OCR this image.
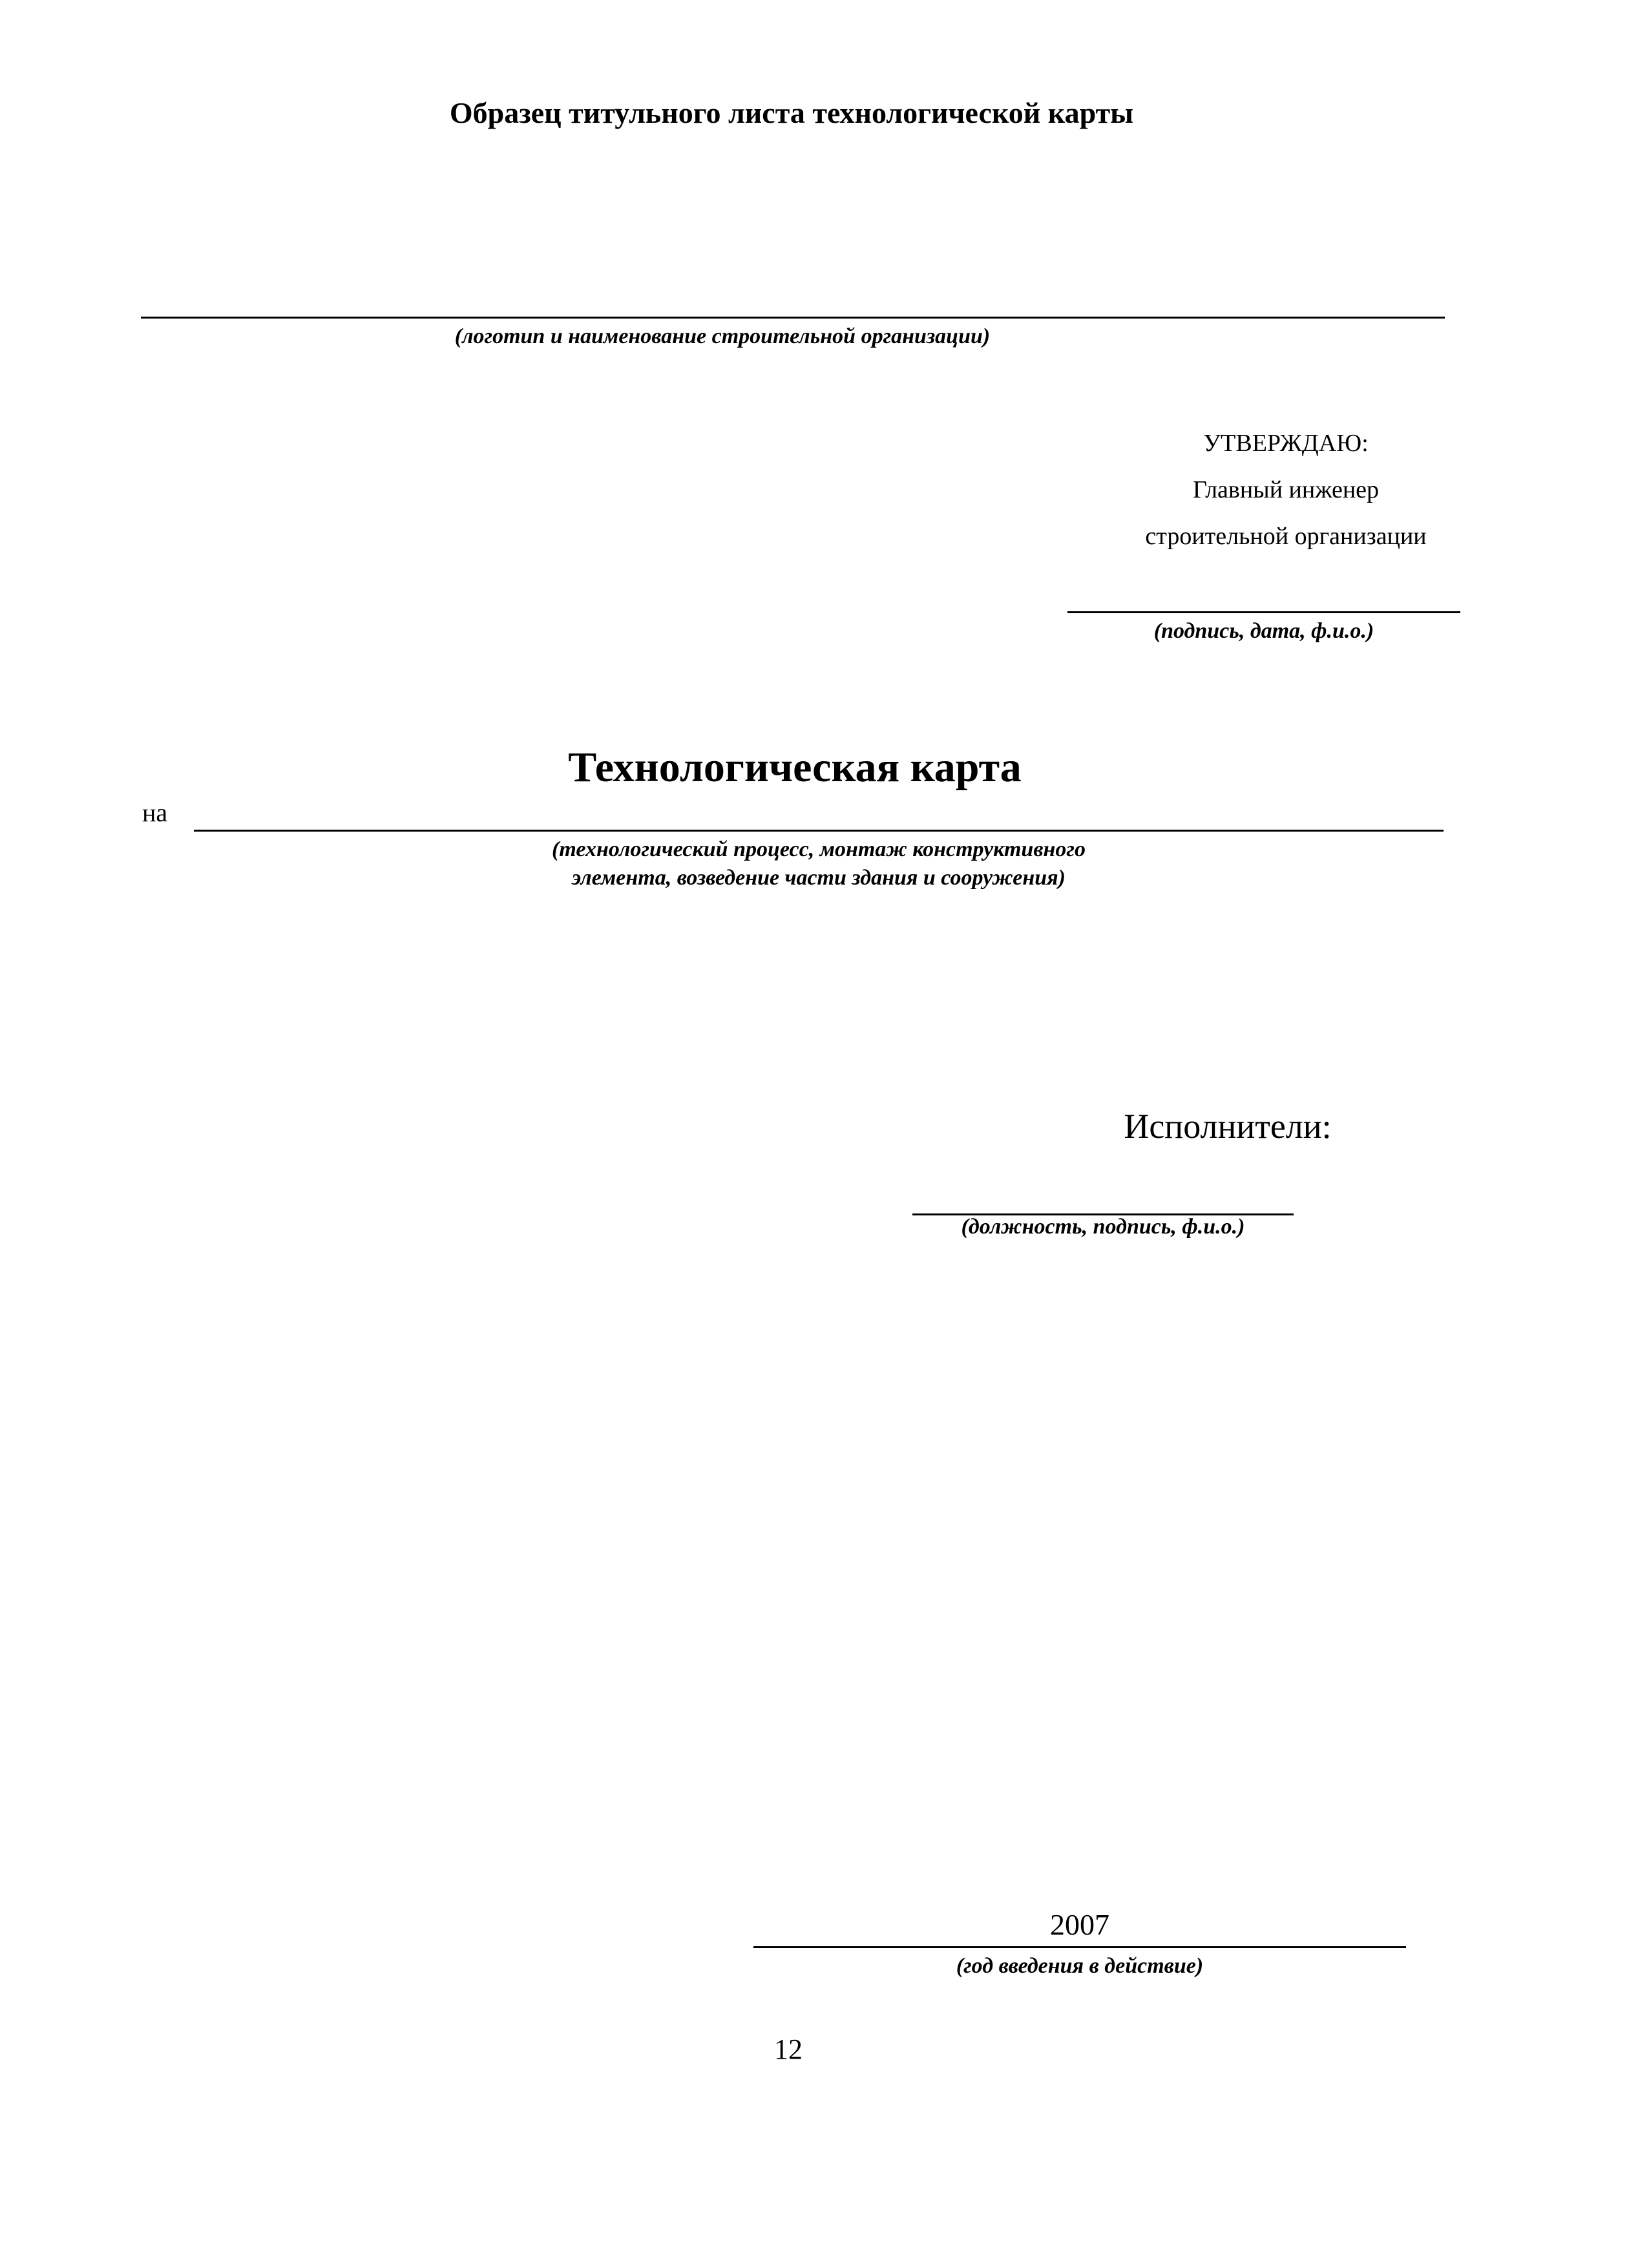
Образец титульного листа технологической карты
(логотип и наименование строительной организации)
УТВЕРЖДАЮ:
Главный инженер
строительной организации
(подпись, дата, ф.и.о.)
Технологическая карта
на
(технологический процесс, монтаж конструктивного
элемента, возведение части здания и сооружения)
Исполнители:
(должность, подпись, ф.и.о.)
2007
(год введения в действие)
12
